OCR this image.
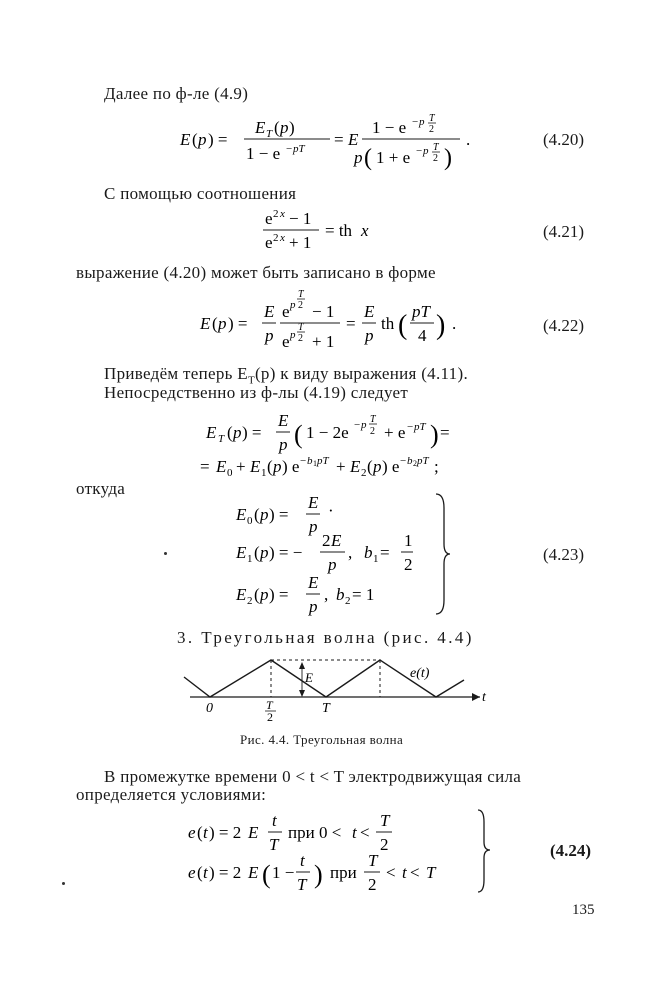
Далее по ф-ле (4.9)
E ( p ) =
E T ( p )
1 − e − pT = E
1 − e − p T
2
p ( 1 + e − p T
2 )
.	(4.20)
С помощью соотношения
e 2 x − 1
e 2 x + 1
= th x	(4.21)
выражение (4.20) может быть записано в форме
E ( p ) =
E
p
e p
T
2 − 1
e p
T
2 + 1
=
E
p
th ( pT
4 ) .	(4.22)
Приведём теперь $E_T(p)$ к виду выражения (4.11).
Непосредственно из ф-лы (4.19) следует
E T ( p ) =
E
p ( 1 − 2e − p T
2 + e − pT ) =
= E 0 + E 1 ( p ) e − b 1 pT + E 2 ( p ) e − b 2 pT ;
откуда
E 0 ( p ) =
E
p
·
E 1 ( p ) = −
2 E
p
, b 1 =
1
2
E 2 ( p ) =
E
p
, b 2 = 1
(4.23)
3. Треугольная волна (рис. 4.4)
0	T
2
T
E	e(t)
t
Рис. 4.4. Треугольная волна
В промежутке времени 0 < t < T электродвижущая сила
определяется условиями:
e ( t ) = 2 E
t
T
при 0 < t <
T
2
e ( t ) = 2 E ( 1 −
t
T ) при
T
2
< t < T
(4.24)
135
